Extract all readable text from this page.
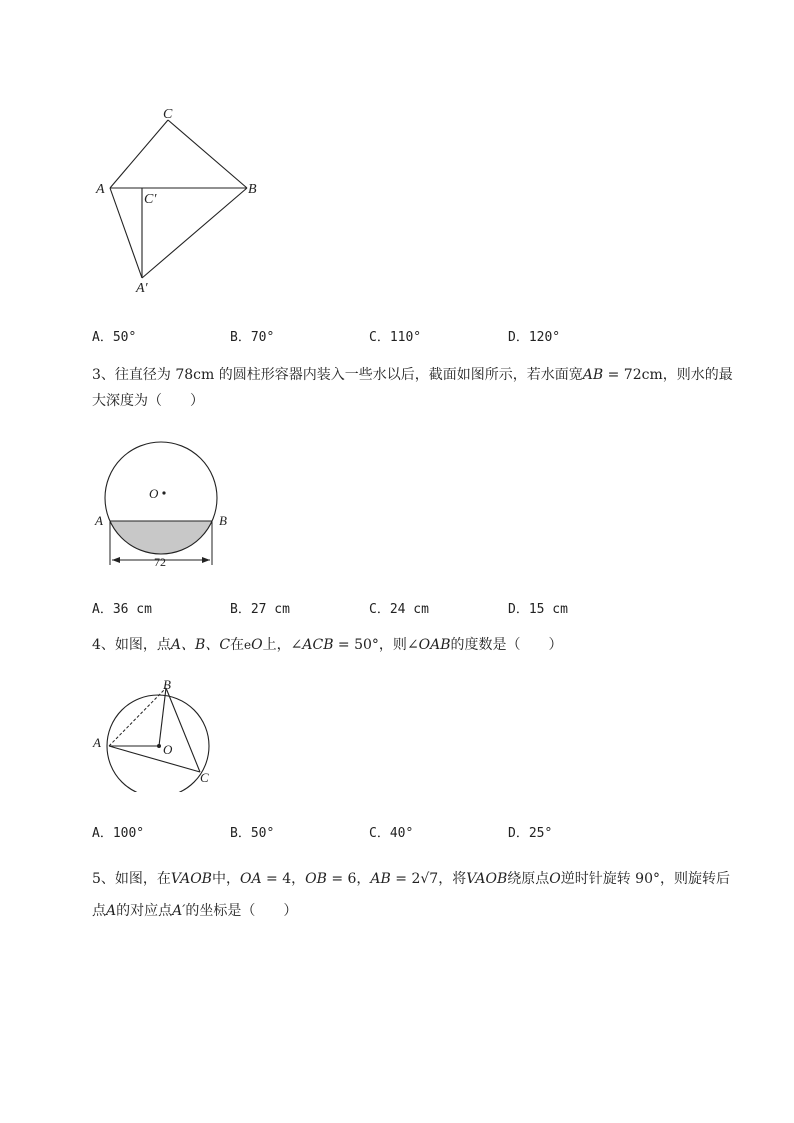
C
A	B
C′
A′
A．50°	B．70°	C．110°	D．120°
3、往直径为 78cm 的圆柱形容器内装入一些水以后，截面如图所示，若水面宽AB = 72cm，则水的最
大深度为（　　）
O
A	B
72
A．36 cm	B．27 cm	C．24 cm	D．15 cm
4、如图，点A、B、C在eO上，∠ACB = 50°，则∠OAB的度数是（　　）
B
A	O
C
A．100°	B．50°	C．40°	D．25°
5、如图，在VAOB中，OA = 4，OB = 6，AB = 2√7，将VAOB绕原点O逆时针旋转 90°，则旋转后
点A的对应点A′的坐标是（　　）
